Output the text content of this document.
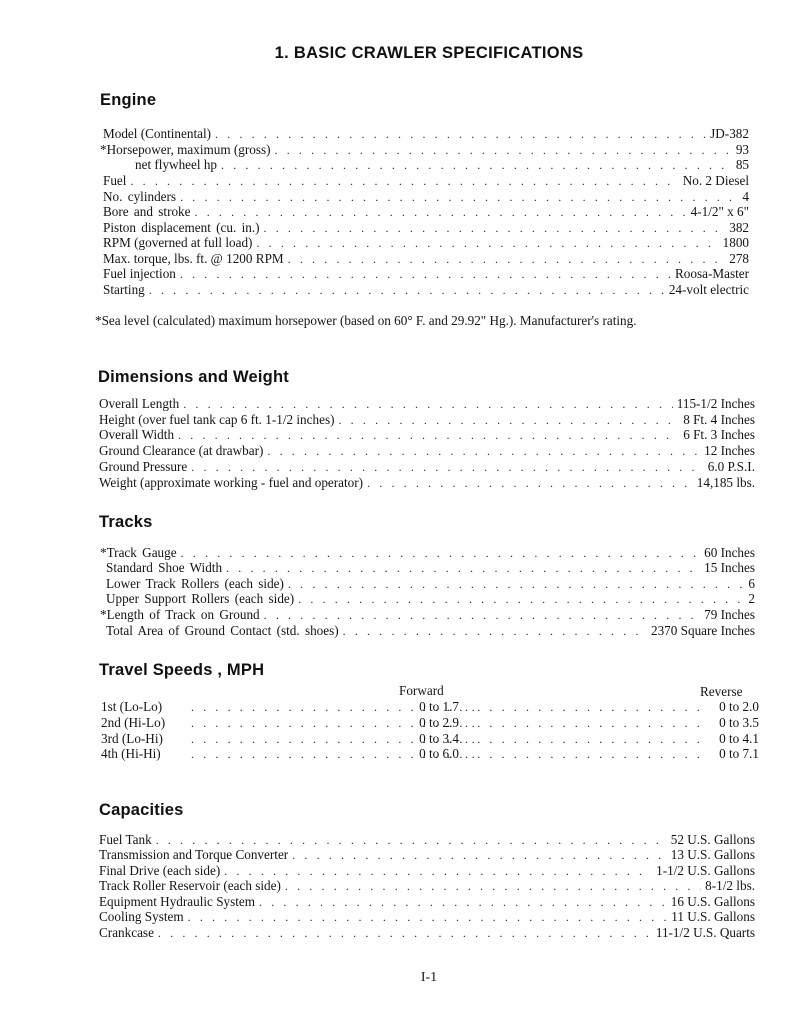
1. BASIC CRAWLER SPECIFICATIONS
Engine
Model (Continental) . . .	JD-382
*Horsepower, maximum (gross) . . .	93
net flywheel hp . . .	85
Fuel . . .	No. 2 Diesel
No. cylinders . . .	4
Bore and stroke . . .	4-1/2" x 6"
Piston displacement (cu. in.) . . .	382
RPM (governed at full load) . . .	1800
Max. torque, lbs. ft. @ 1200 RPM . . .	278
Fuel injection . . .	Roosa-Master
Starting . . .	24-volt electric
*Sea level (calculated) maximum horsepower (based on 60° F. and 29.92" Hg.). Manufacturer's rating.
Dimensions and Weight
Overall Length . . .	115-1/2 Inches
Height (over fuel tank cap 6 ft. 1-1/2 inches) . . .	8 Ft. 4 Inches
Overall Width . . .	6 Ft. 3 Inches
Ground Clearance (at drawbar) . . .	12 Inches
Ground Pressure . . .	6.0 P.S.I.
Weight (approximate working - fuel and operator) . . .	14,185 lbs.
Tracks
*Track Gauge . . .	60 Inches
Standard Shoe Width . . .	15 Inches
Lower Track Rollers (each side) . . .	6
Upper Support Rollers (each side) . . .	2
*Length of Track on Ground . . .	79 Inches
Total Area of Ground Contact (std. shoes) . . .	2370 Square Inches
Travel Speeds , MPH
Forward	Reverse
1st (Lo-Lo) . . .	0 to 1.7 . . .	0 to 2.0
2nd (Hi-Lo) . . .	0 to 2.9 . . .	0 to 3.5
3rd (Lo-Hi) . . .	0 to 3.4 . . .	0 to 4.1
4th (Hi-Hi) . . .	0 to 6.0 . . .	0 to 7.1
Capacities
Fuel Tank . . .	52 U.S. Gallons
Transmission and Torque Converter . . .	13 U.S. Gallons
Final Drive (each side) . . .	1-1/2 U.S. Gallons
Track Roller Reservoir (each side) . . .	8-1/2 lbs.
Equipment Hydraulic System . . .	16 U.S. Gallons
Cooling System . . .	11 U.S. Gallons
Crankcase . . .	11-1/2 U.S. Quarts
I-1
